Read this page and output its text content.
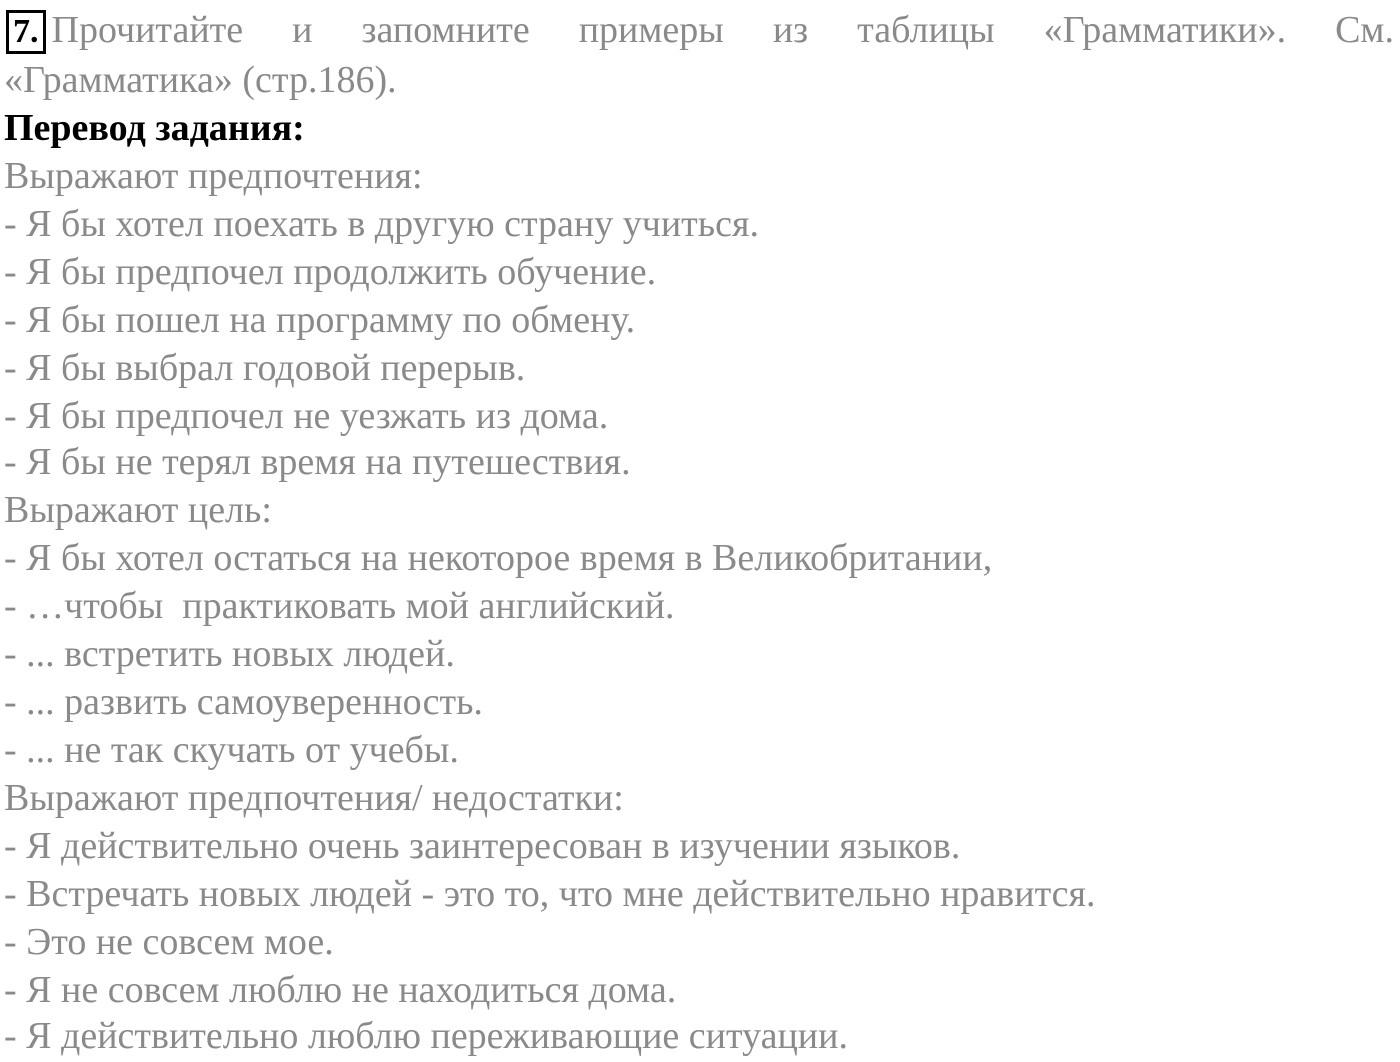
7. Прочитайте и запомните примеры из таблицы «Грамматики». См.
«Грамматика» (стр.186).
Перевод задания:
Выражают предпочтения:
- Я бы хотел поехать в другую страну учиться.
- Я бы предпочел продолжить обучение.
- Я бы пошел на программу по обмену.
- Я бы выбрал годовой перерыв.
- Я бы предпочел не уезжать из дома.
- Я бы не терял время на путешествия.
Выражают цель:
- Я бы хотел остаться на некоторое время в Великобритании,
- …чтобы  практиковать мой английский.
- ... встретить новых людей.
- ... развить самоуверенность.
- ... не так скучать от учебы.
Выражают предпочтения/ недостатки:
- Я действительно очень заинтересован в изучении языков.
- Встречать новых людей - это то, что мне действительно нравится.
- Это не совсем мое.
- Я не совсем люблю не находиться дома.
- Я действительно люблю переживающие ситуации.
